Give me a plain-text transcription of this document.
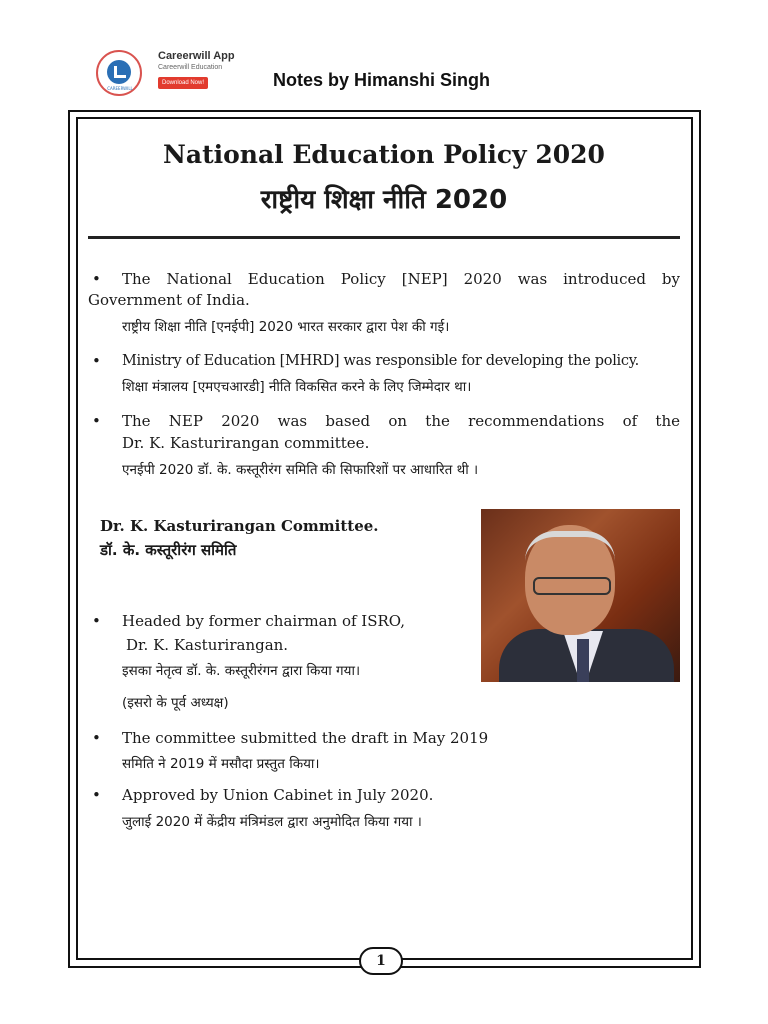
CAREERWILL
Careerwill App
Careerwill Education
Download Now!	Notes by Himanshi Singh
National Education Policy 2020
राष्ट्रीय शिक्षा नीति 2020
• The National Education Policy [NEP] 2020 was introduced by
Government of India.
राष्ट्रीय शिक्षा नीति [एनईपी] 2020 भारत सरकार द्वारा पेश की गई।
• Ministry of Education [MHRD] was responsible for developing the policy.
शिक्षा मंत्रालय [एमएचआरडी] नीति विकसित करने के लिए जिम्मेदार था।
• The NEP 2020 was based on the recommendations of the
Dr. K. Kasturirangan committee.
एनईपी 2020 डॉ. के. कस्तूरीरंग समिति की सिफारिशों पर आधारित थी ।
Dr. K. Kasturirangan Committee.
डॉ. के. कस्तूरीरंग समिति
• Headed by former chairman of ISRO,
Dr. K. Kasturirangan.
इसका नेतृत्व डॉ. के. कस्तूरीरंगन द्वारा किया गया।
(इसरो के पूर्व अध्यक्ष)
• The committee submitted the draft in May 2019
समिति ने 2019 में मसौदा प्रस्तुत किया।
• Approved by Union Cabinet in July 2020.
जुलाई 2020 में केंद्रीय मंत्रिमंडल द्वारा अनुमोदित किया गया ।
1
